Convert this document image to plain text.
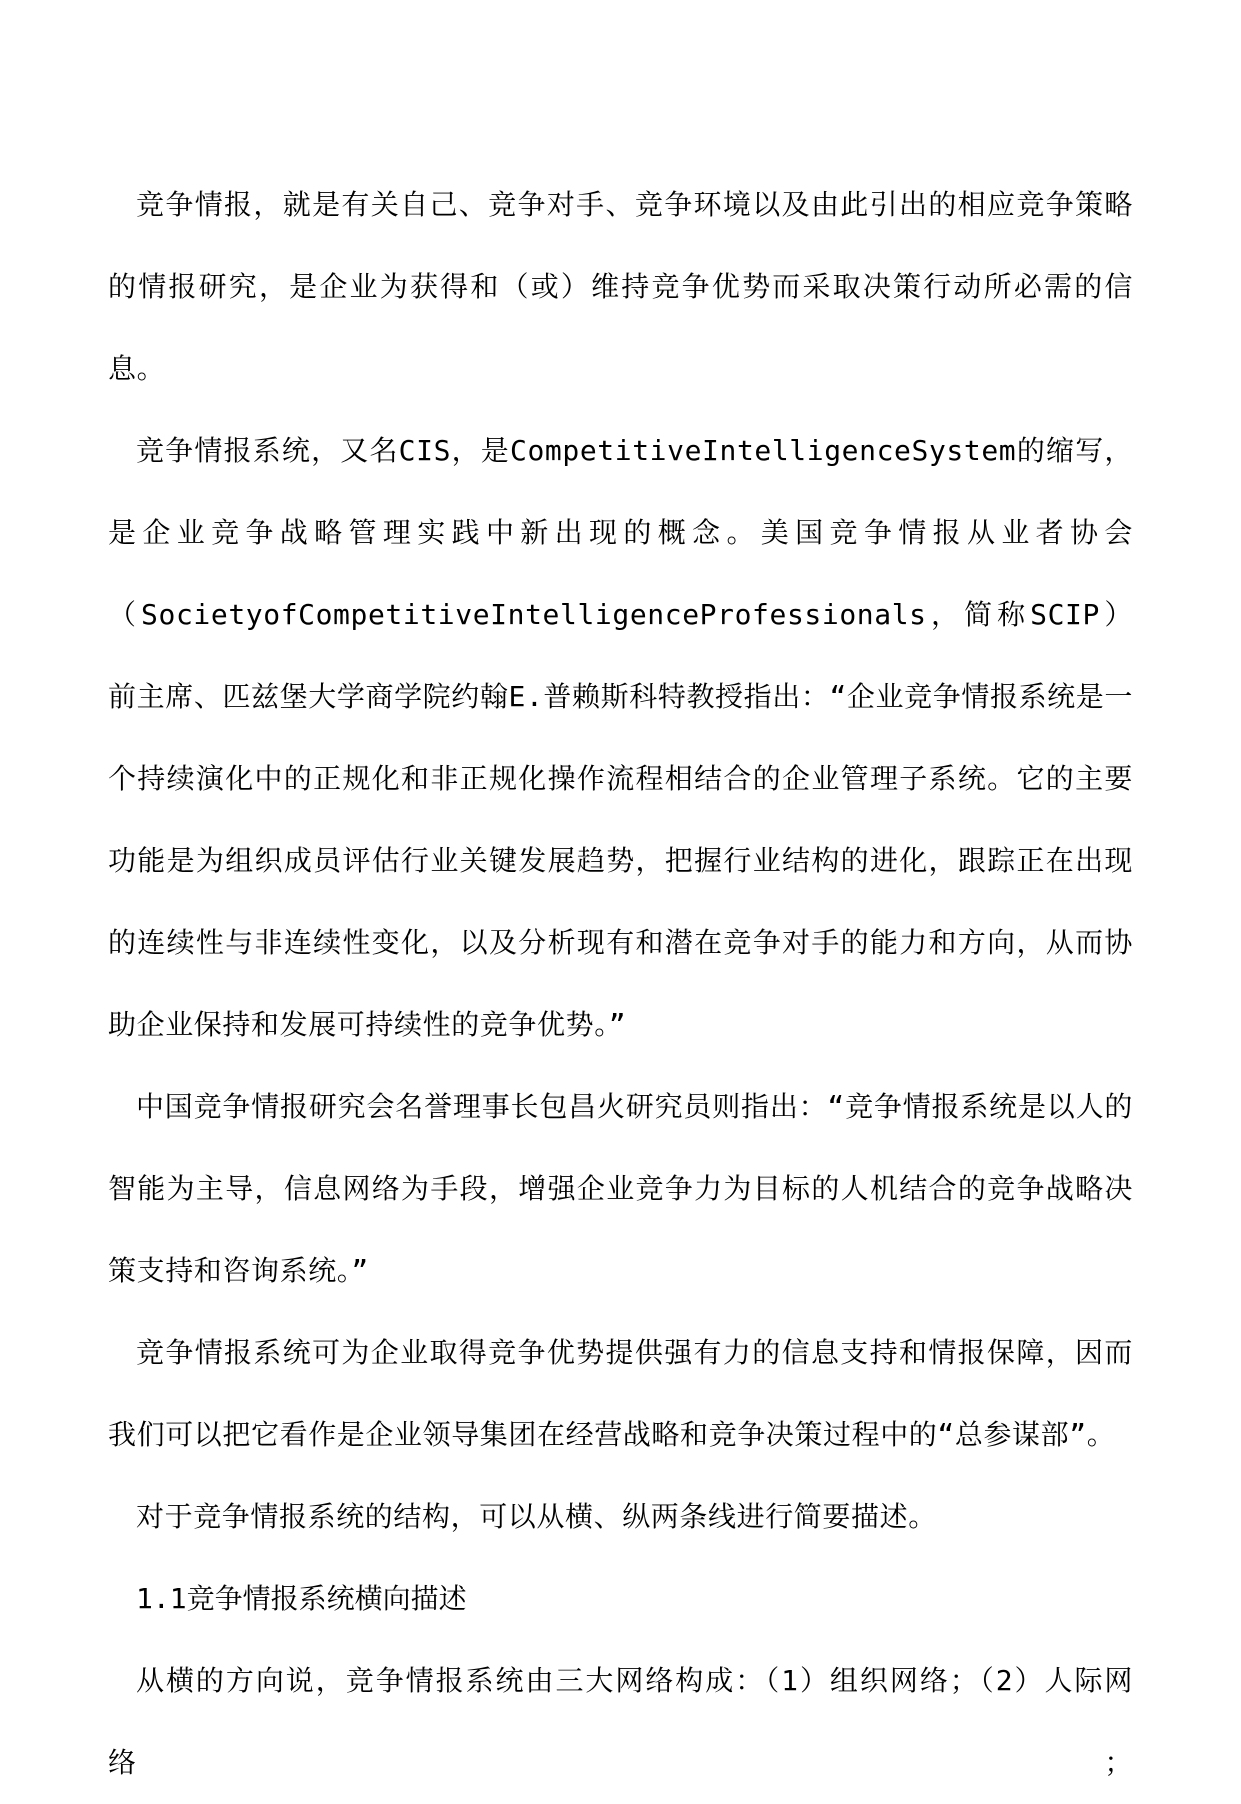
竞争情报，就是有关自己、竞争对手、竞争环境以及由此引出的相应竞争策略的情报研究，是企业为获得和（或）维持竞争优势而采取决策行动所必需的信息。

竞争情报系统，又名CIS，是CompetitiveIntelligenceSystem的缩写，是企业竞争战略管理实践中新出现的概念。美国竞争情报从业者协会（SocietyofCompetitiveIntelligenceProfessionals，简称SCIP）前主席、匹兹堡大学商学院约翰E.普赖斯科特教授指出：“企业竞争情报系统是一个持续演化中的正规化和非正规化操作流程相结合的企业管理子系统。它的主要功能是为组织成员评估行业关键发展趋势，把握行业结构的进化，跟踪正在出现的连续性与非连续性变化，以及分析现有和潜在竞争对手的能力和方向，从而协助企业保持和发展可持续性的竞争优势。”

中国竞争情报研究会名誉理事长包昌火研究员则指出：“竞争情报系统是以人的智能为主导，信息网络为手段，增强企业竞争力为目标的人机结合的竞争战略决策支持和咨询系统。”

竞争情报系统可为企业取得竞争优势提供强有力的信息支持和情报保障，因而我们可以把它看作是企业领导集团在经营战略和竞争决策过程中的“总参谋部”。

对于竞争情报系统的结构，可以从横、纵两条线进行简要描述。

1.1竞争情报系统横向描述

从横的方向说，竞争情报系统由三大网络构成：（1）组织网络；（2）人际网络；
